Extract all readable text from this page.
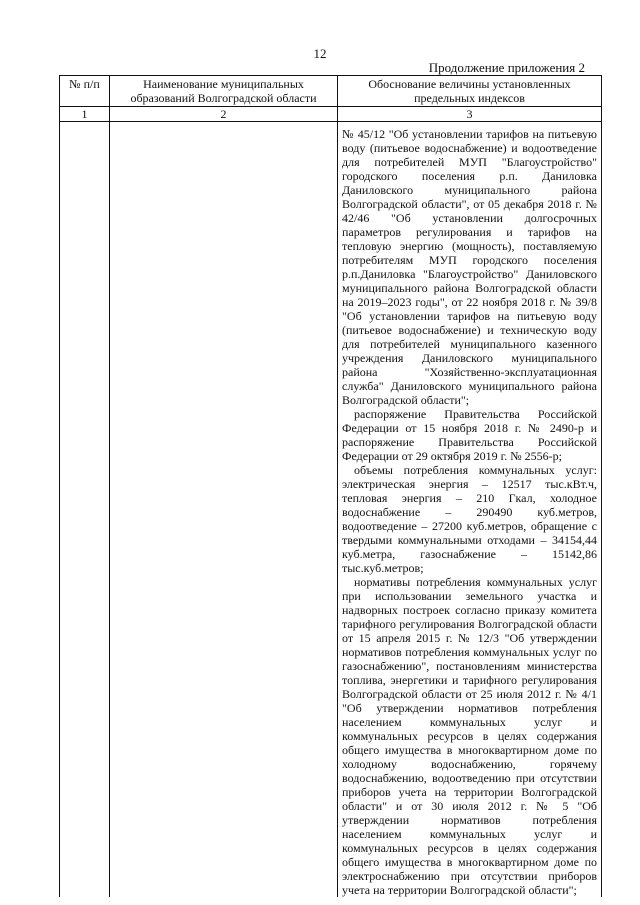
12
Продолжение приложения 2
№ п/п	Наименование муниципальных образований Волгоградской области	Обоснование величины установленных предельных индексов
1	2	3

		№ 45/12 "Об установлении тарифов на питьевую воду (питьевое водоснабжение) и водоотведение для потребителей МУП "Благоустройство" городского поселения р.п. Даниловка Даниловского муниципального района Волгоградской области", от 05 декабря 2018 г. № 42/46 "Об установлении долгосрочных параметров регулирования и тарифов на тепловую энергию (мощность), поставляемую потребителям МУП городского поселения р.п.Даниловка "Благоустройство" Даниловского муниципального района Волгоградской области на 2019–2023 годы", от 22 ноября 2018 г. № 39/8 "Об установлении тарифов на питьевую воду (питьевое водоснабжение) и техническую воду для потребителей муниципального казенного учреждения Даниловского муниципального района "Хозяйственно-эксплуатационная служба" Даниловского муниципального района Волгоградской области";

распоряжение Правительства Российской Федерации от 15 ноября 2018 г. № 2490-р и распоряжение Правительства Российской Федерации от 29 октября 2019 г. № 2556-р;

объемы потребления коммунальных услуг: электрическая энергия – 12517 тыс.кВт.ч, тепловая энергия – 210 Гкал, холодное водоснабжение – 290490 куб.метров, водоотведение – 27200 куб.метров, обращение с твердыми коммунальными отходами – 34154,44 куб.метра, газоснабжение – 15142,86 тыс.куб.метров;

нормативы потребления коммунальных услуг при использовании земельного участка и надворных построек согласно приказу комитета тарифного регулирования Волгоградской области от 15 апреля 2015 г. № 12/3 "Об утверждении нормативов потребления коммунальных услуг по газоснабжению", постановлениям министерства топлива, энергетики и тарифного регулирования Волгоградской области от 25 июля 2012 г. № 4/1 "Об утверждении нормативов потребления населением коммунальных услуг и коммунальных ресурсов в целях содержания общего имущества в многоквартирном доме по холодному водоснабжению, горячему водоснабжению, водоотведению при отсутствии приборов учета на территории Волгоградской области" и от 30 июля 2012 г. № 5 "Об утверждении нормативов потребления населением коммунальных услуг и коммунальных ресурсов в целях содержания общего имущества в многоквартирном доме по электроснабжению при отсутствии приборов учета на территории Волгоградской области";
